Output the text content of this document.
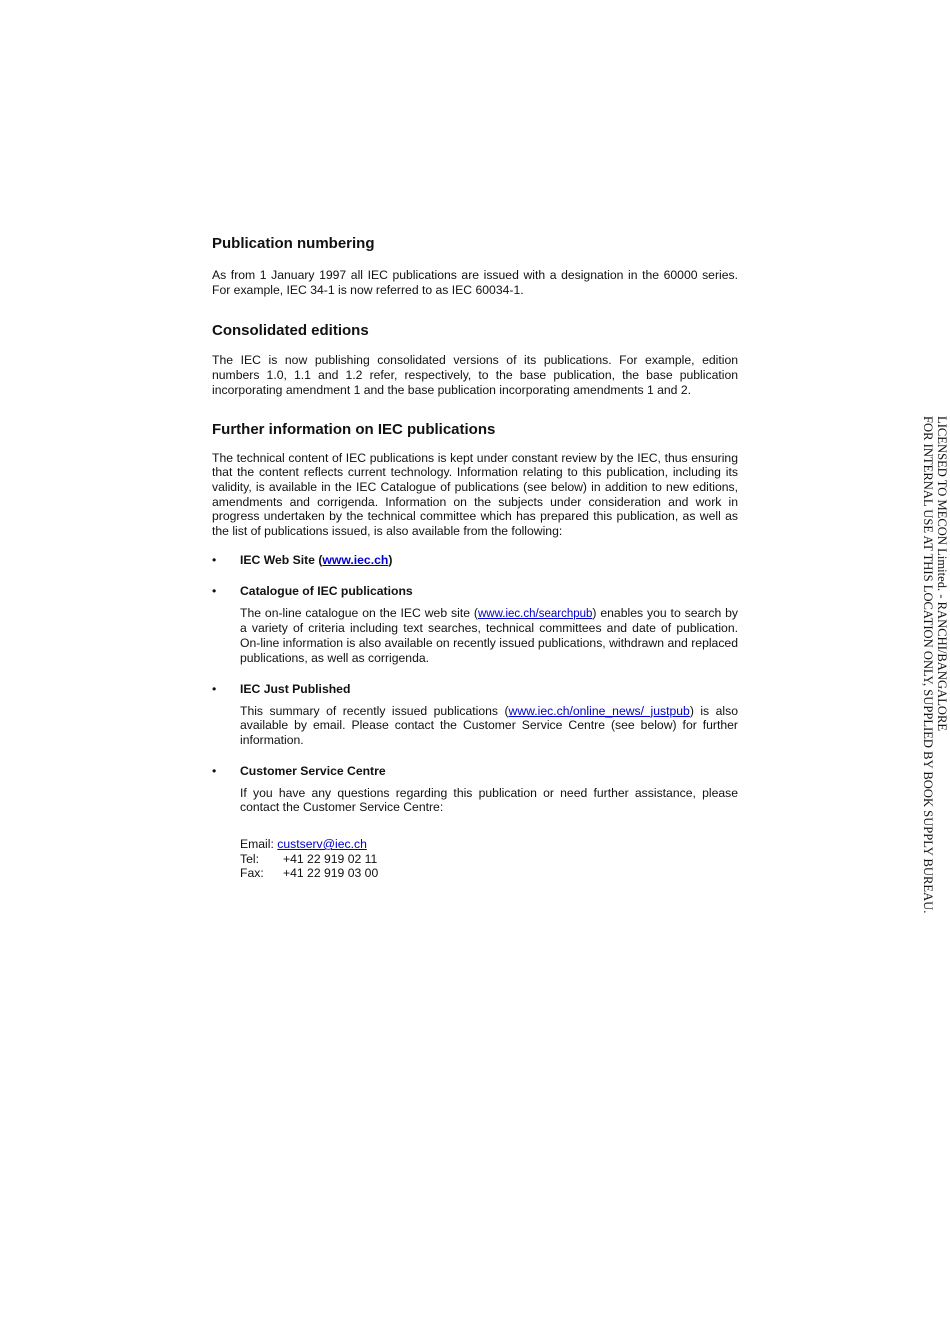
Publication numbering

As from 1 January 1997 all IEC publications are issued with a designation in the 60000 series. For example, IEC 34-1 is now referred to as IEC 60034-1.

Consolidated editions

The IEC is now publishing consolidated versions of its publications. For example, edition numbers 1.0, 1.1 and 1.2 refer, respectively, to the base publication, the base publication incorporating amendment 1 and the base publication incorporating amendments 1 and 2.

Further information on IEC publications

The technical content of IEC publications is kept under constant review by the IEC, thus ensuring that the content reflects current technology. Information relating to this publication, including its validity, is available in the IEC Catalogue of publications (see below) in addition to new editions, amendments and corrigenda. Information on the subjects under consideration and work in progress undertaken by the technical committee which has prepared this publication, as well as the list of publications issued, is also available from the following:

• IEC Web Site (www.iec.ch)
• Catalogue of IEC publications

The on-line catalogue on the IEC web site (www.iec.ch/searchpub) enables you to search by a variety of criteria including text searches, technical committees and date of publication. On-line information is also available on recently issued publications, withdrawn and replaced publications, as well as corrigenda.

• IEC Just Published

This summary of recently issued publications (www.iec.ch/online_news/ justpub) is also available by email. Please contact the Customer Service Centre (see below) for further information.

• Customer Service Centre

If you have any questions regarding this publication or need further assistance, please contact the Customer Service Centre:

Email:
custserv@iec.ch
Tel:	+41 22 919 02 11
Fax:	+41 22 919 03 00
LICENSED TO MECON Limited. - RANCHI/BANGALORE
FOR INTERNAL USE AT THIS LOCATION ONLY, SUPPLIED BY BOOK SUPPLY BUREAU.
